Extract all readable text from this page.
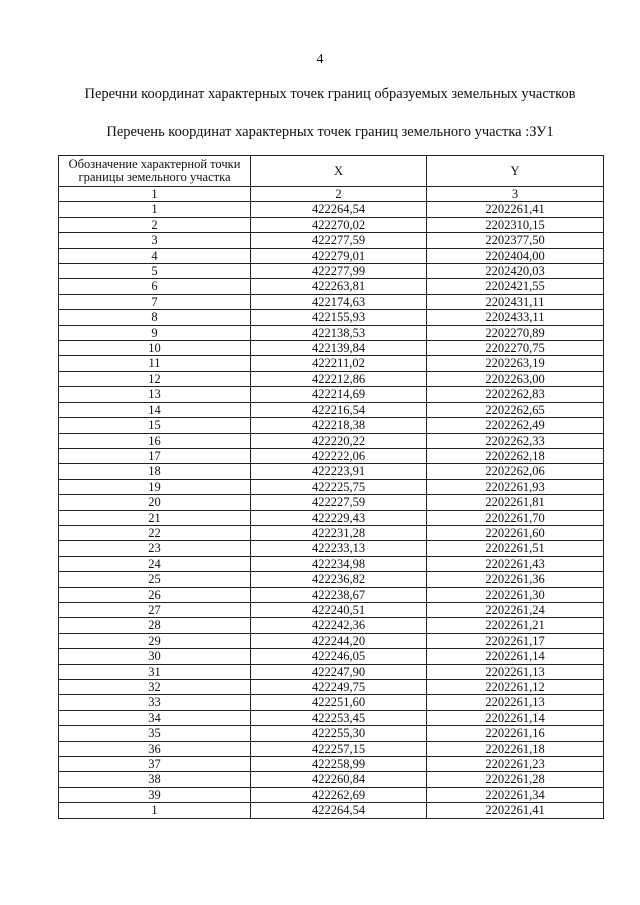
4
Перечни координат характерных точек границ образуемых земельных участков
Перечень координат характерных точек границ земельного участка :ЗУ1
Обозначение характерной точки границы земельного участка	X	Y
1	2	3
1	422264,54	2202261,41
2	422270,02	2202310,15
3	422277,59	2202377,50
4	422279,01	2202404,00
5	422277,99	2202420,03
6	422263,81	2202421,55
7	422174,63	2202431,11
8	422155,93	2202433,11
9	422138,53	2202270,89
10	422139,84	2202270,75
11	422211,02	2202263,19
12	422212,86	2202263,00
13	422214,69	2202262,83
14	422216,54	2202262,65
15	422218,38	2202262,49
16	422220,22	2202262,33
17	422222,06	2202262,18
18	422223,91	2202262,06
19	422225,75	2202261,93
20	422227,59	2202261,81
21	422229,43	2202261,70
22	422231,28	2202261,60
23	422233,13	2202261,51
24	422234,98	2202261,43
25	422236,82	2202261,36
26	422238,67	2202261,30
27	422240,51	2202261,24
28	422242,36	2202261,21
29	422244,20	2202261,17
30	422246,05	2202261,14
31	422247,90	2202261,13
32	422249,75	2202261,12
33	422251,60	2202261,13
34	422253,45	2202261,14
35	422255,30	2202261,16
36	422257,15	2202261,18
37	422258,99	2202261,23
38	422260,84	2202261,28
39	422262,69	2202261,34
1	422264,54	2202261,41
